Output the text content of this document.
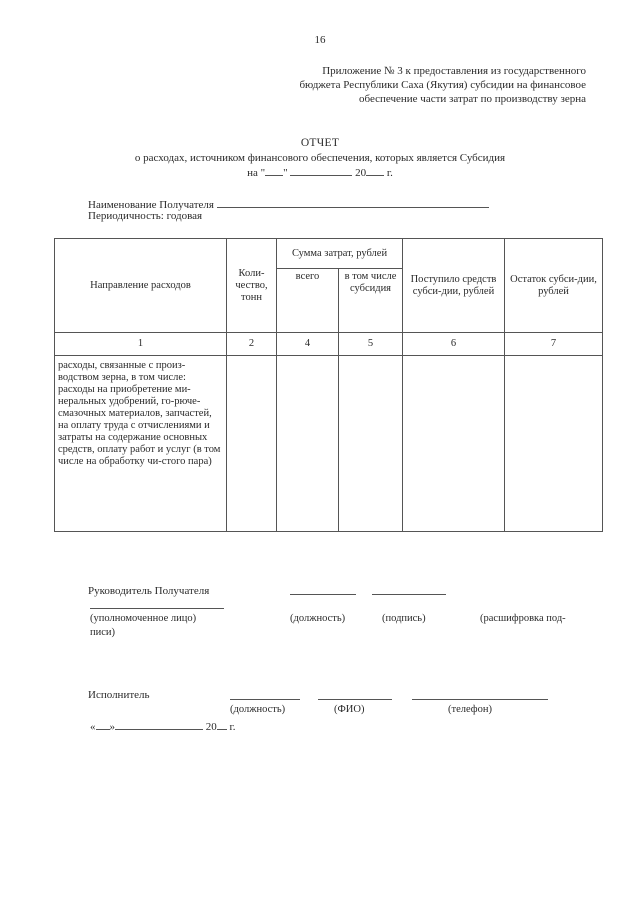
16
Приложение № 3 к предоставления из государственного
бюджета Республики Саха (Якутия) субсидии на финансовое
обеспечение части затрат по производству зерна
ОТЧЕТ
о расходах, источником финансового обеспечения, которых является Субсидия
на " "	20 г.
Наименование Получателя
Периодичность: годовая
Направление расходов	Коли-чество, тонн	Сумма затрат, рублей		Поступило средств субси-дии, рублей	Остаток субси-дии, рублей
		всего	в том числе субсидия		
1	2	4	5	6	7
расходы, связанные с произ-водством зерна, в том числе: расходы на приобретение ми-неральных удобрений, го-рюче-смазочных материалов, запчастей, на оплату труда с отчислениями и затраты на содержание основных средств, оплату работ и услуг (в том числе на обработку чи-стого пара)					
Руководитель Получателя
(уполномоченное лицо)	(должность)	(подпись)	(расшифровка под-
писи)
Исполнитель
(должность)	(ФИО)	(телефон)
« »	20 г.
